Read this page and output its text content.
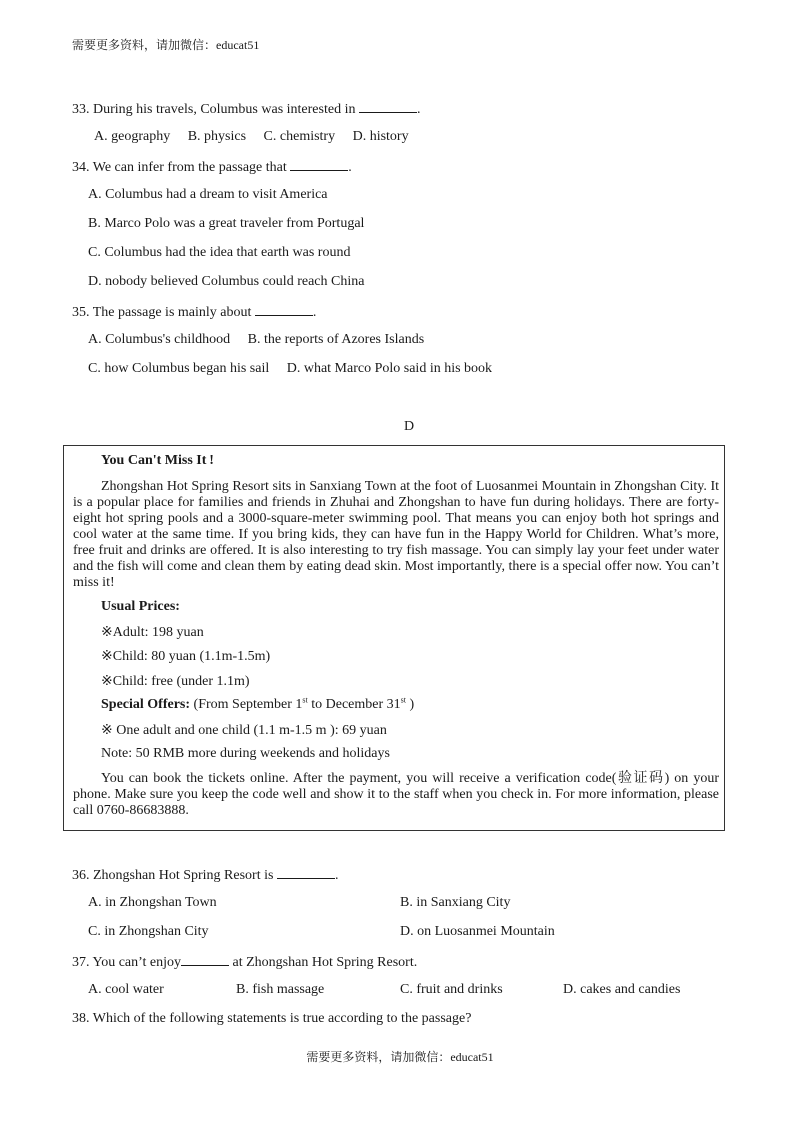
需要更多资料，请加微信：educat51
33. During his travels, Columbus was interested in	.
A. geography B. physics C. chemistry D. history
34. We can infer from the passage that	.
A. Columbus had a dream to visit America
B. Marco Polo was a great traveler from Portugal
C. Columbus had the idea that earth was round
D. nobody believed Columbus could reach China
35. The passage is mainly about	.
A. Columbus's childhood B. the reports of Azores Islands
C. how Columbus began his sail D. what Marco Polo said in his book
D
You Can't Miss It !
Zhongshan Hot Spring Resort sits in Sanxiang Town at the foot of Luosanmei Mountain in Zhongshan City. It is a popular place for families and friends in Zhuhai and Zhongshan to have fun during holidays. There are forty-eight hot spring pools and a 3000-square-meter swimming pool. That means you can enjoy both hot springs and cool water at the same time. If you bring kids, they can have fun in the Happy World for Children. What’s more, free fruit and drinks are offered. It is also interesting to try fish massage. You can simply lay your feet under water and the fish will come and clean them by eating dead skin. Most importantly, there is a special offer now. You can’t miss it!
Usual Prices:
※Adult: 198 yuan
※Child: 80 yuan (1.1m-1.5m)
※Child: free (under 1.1m)
Special Offers: (From September 1st to December 31st )
※ One adult and one child (1.1 m-1.5 m ): 69 yuan
Note: 50 RMB more during weekends and holidays
You can book the tickets online. After the payment, you will receive a verification code(验证码) on your phone. Make sure you keep the code well and show it to the staff when you check in. For more information, please call 0760-86683888.
36. Zhongshan Hot Spring Resort is	.
A. in Zhongshan Town	B. in Sanxiang City
C. in Zhongshan City	D. on Luosanmei Mountain
37. You can’t enjoy	at Zhongshan Hot Spring Resort.
A. cool water	B. fish massage	C. fruit and drinks	D. cakes and candies
38. Which of the following statements is true according to the passage?
需要更多资料，请加微信：educat51
